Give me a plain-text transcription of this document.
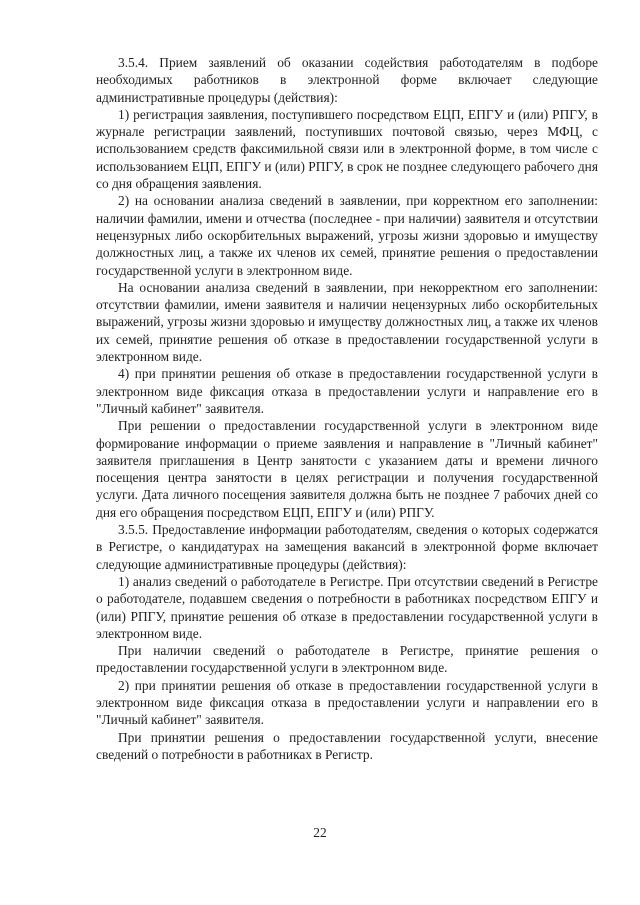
3.5.4. Прием заявлений об оказании содействия работодателям в подборе необходимых работников в электронной форме включает следующие административные процедуры (действия):

1) регистрация заявления, поступившего посредством ЕЦП, ЕПГУ и (или) РПГУ, в журнале регистрации заявлений, поступивших почтовой связью, через МФЦ, с использованием средств факсимильной связи или в электронной форме, в том числе с использованием ЕЦП, ЕПГУ и (или) РПГУ, в срок не позднее следующего рабочего дня со дня обращения заявления.

2) на основании анализа сведений в заявлении, при корректном его заполнении: наличии фамилии, имени и отчества (последнее - при наличии) заявителя и отсутствии нецензурных либо оскорбительных выражений, угрозы жизни здоровью и имуществу должностных лиц, а также их членов их семей, принятие решения о предоставлении государственной услуги в электронном виде.

На основании анализа сведений в заявлении, при некорректном его заполнении: отсутствии фамилии, имени заявителя и наличии нецензурных либо оскорбительных выражений, угрозы жизни здоровью и имуществу должностных лиц, а также их членов их семей, принятие решения об отказе в предоставлении государственной услуги в электронном виде.

4) при принятии решения об отказе в предоставлении государственной услуги в электронном виде фиксация отказа в предоставлении услуги и направление его в "Личный кабинет" заявителя.

При решении о предоставлении государственной услуги в электронном виде формирование информации о приеме заявления и направление в "Личный кабинет" заявителя приглашения в Центр занятости с указанием даты и времени личного посещения центра занятости в целях регистрации и получения государственной услуги. Дата личного посещения заявителя должна быть не позднее 7 рабочих дней со дня его обращения посредством ЕЦП, ЕПГУ и (или) РПГУ.

3.5.5. Предоставление информации работодателям, сведения о которых содержатся в Регистре, о кандидатурах на замещения вакансий в электронной форме включает следующие административные процедуры (действия):

1) анализ сведений о работодателе в Регистре. При отсутствии сведений в Регистре о работодателе, подавшем сведения о потребности в работниках посредством ЕПГУ и (или) РПГУ, принятие решения об отказе в предоставлении государственной услуги в электронном виде.

При наличии сведений о работодателе в Регистре, принятие решения о предоставлении государственной услуги в электронном виде.

2) при принятии решения об отказе в предоставлении государственной услуги в электронном виде фиксация отказа в предоставлении услуги и направлении его в "Личный кабинет" заявителя.

При принятии решения о предоставлении государственной услуги, внесение сведений о потребности в работниках в Регистр.

22
